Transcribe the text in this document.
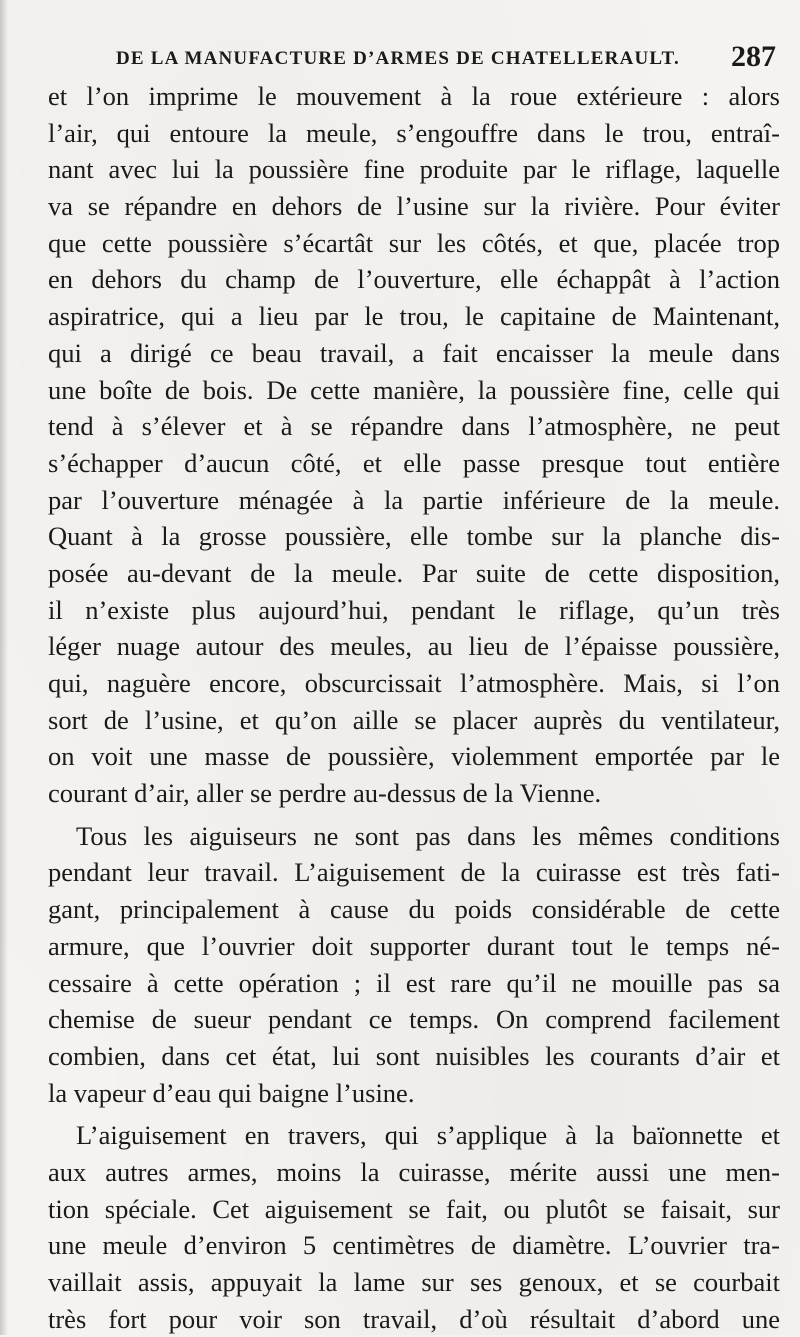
DE LA MANUFACTURE D’ARMES DE CHATELLERAULT. 287
et l’on imprime le mouvement à la roue extérieure : alors
l’air, qui entoure la meule, s’engouffre dans le trou, entraî-
nant avec lui la poussière fine produite par le riflage, laquelle
va se répandre en dehors de l’usine sur la rivière. Pour éviter
que cette poussière s’écartât sur les côtés, et que, placée trop
en dehors du champ de l’ouverture, elle échappât à l’action
aspiratrice, qui a lieu par le trou, le capitaine de Maintenant,
qui a dirigé ce beau travail, a fait encaisser la meule dans
une boîte de bois. De cette manière, la poussière fine, celle qui
tend à s’élever et à se répandre dans l’atmosphère, ne peut
s’échapper d’aucun côté, et elle passe presque tout entière
par l’ouverture ménagée à la partie inférieure de la meule.
Quant à la grosse poussière, elle tombe sur la planche dis-
posée au-devant de la meule. Par suite de cette disposition,
il n’existe plus aujourd’hui, pendant le riflage, qu’un très
léger nuage autour des meules, au lieu de l’épaisse poussière,
qui, naguère encore, obscurcissait l’atmosphère. Mais, si l’on
sort de l’usine, et qu’on aille se placer auprès du ventilateur,
on voit une masse de poussière, violemment emportée par le
courant d’air, aller se perdre au-dessus de la Vienne.
Tous les aiguiseurs ne sont pas dans les mêmes conditions
pendant leur travail. L’aiguisement de la cuirasse est très fati-
gant, principalement à cause du poids considérable de cette
armure, que l’ouvrier doit supporter durant tout le temps né-
cessaire à cette opération ; il est rare qu’il ne mouille pas sa
chemise de sueur pendant ce temps. On comprend facilement
combien, dans cet état, lui sont nuisibles les courants d’air et
la vapeur d’eau qui baigne l’usine.
L’aiguisement en travers, qui s’applique à la baïonnette et
aux autres armes, moins la cuirasse, mérite aussi une men-
tion spéciale. Cet aiguisement se fait, ou plutôt se faisait, sur
une meule d’environ 5 centimètres de diamètre. L’ouvrier tra-
vaillait assis, appuyait la lame sur ses genoux, et se courbait
très fort pour voir son travail, d’où résultait d’abord une
